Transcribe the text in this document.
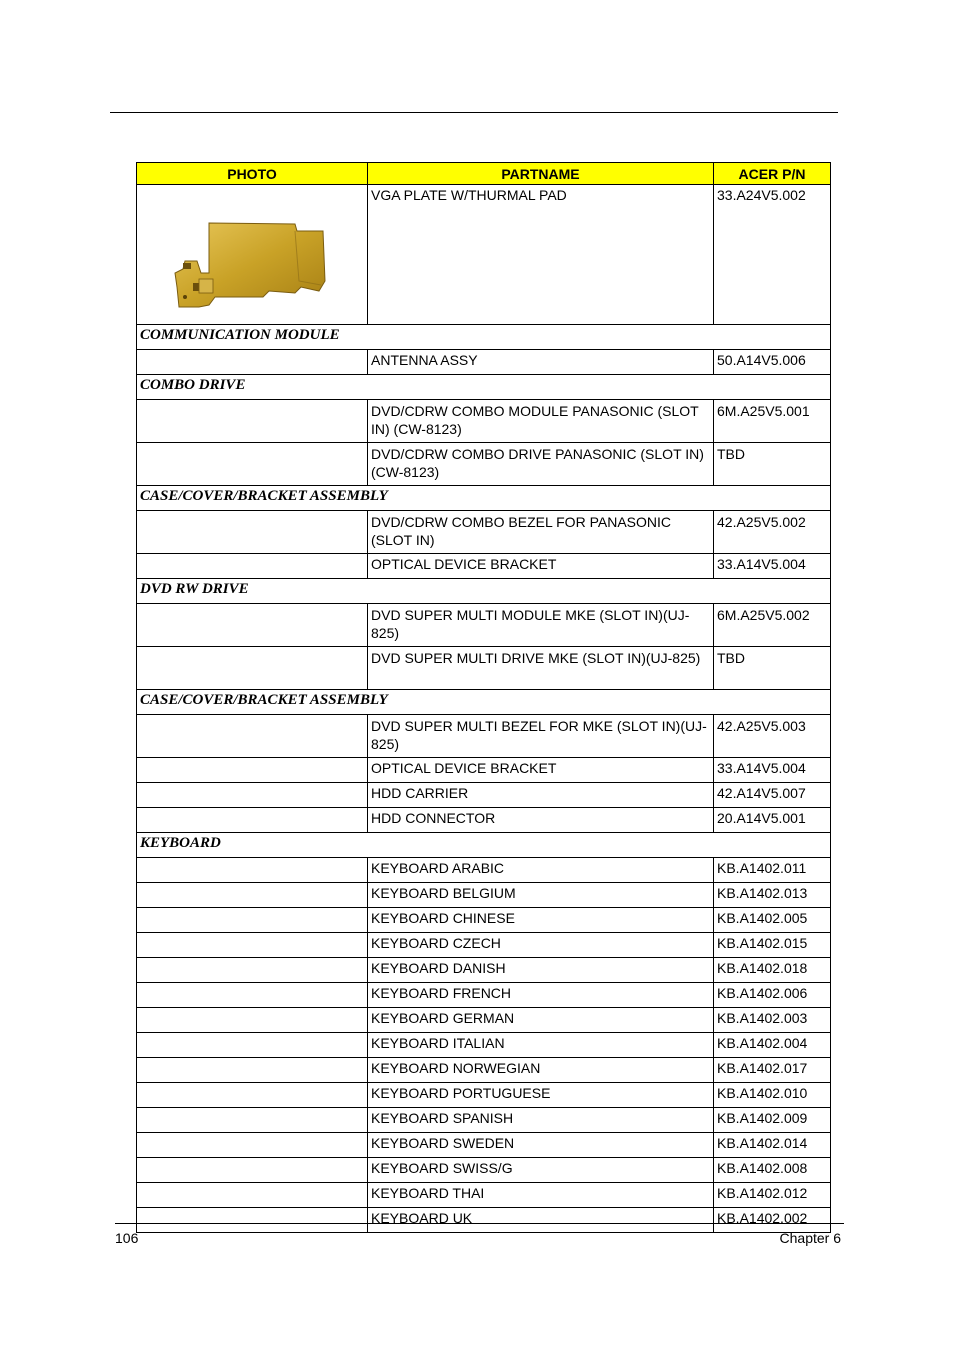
PHOTO	PARTNAME	ACER P/N

	VGA PLATE W/THURMAL PAD	33.A24V5.002
COMMUNICATION MODULE		
	ANTENNA ASSY	50.A14V5.006
COMBO DRIVE		
	DVD/CDRW COMBO MODULE PANASONIC (SLOT IN) (CW-8123)	6M.A25V5.001
	DVD/CDRW COMBO DRIVE PANASONIC (SLOT IN) (CW-8123)	TBD
CASE/COVER/BRACKET ASSEMBLY		
	DVD/CDRW COMBO BEZEL FOR PANASONIC (SLOT IN)	42.A25V5.002
	OPTICAL DEVICE BRACKET	33.A14V5.004
DVD RW DRIVE		
	DVD SUPER MULTI MODULE MKE (SLOT IN)(UJ-825)	6M.A25V5.002
	DVD SUPER MULTI DRIVE MKE (SLOT IN)(UJ-825)	TBD
CASE/COVER/BRACKET ASSEMBLY		
	DVD SUPER MULTI BEZEL FOR MKE (SLOT IN)(UJ-825)	42.A25V5.003
	OPTICAL DEVICE BRACKET	33.A14V5.004
	HDD CARRIER	42.A14V5.007
	HDD CONNECTOR	20.A14V5.001
KEYBOARD		
	KEYBOARD ARABIC	KB.A1402.011
	KEYBOARD BELGIUM	KB.A1402.013
	KEYBOARD CHINESE	KB.A1402.005
	KEYBOARD CZECH	KB.A1402.015
	KEYBOARD DANISH	KB.A1402.018
	KEYBOARD FRENCH	KB.A1402.006
	KEYBOARD GERMAN	KB.A1402.003
	KEYBOARD ITALIAN	KB.A1402.004
	KEYBOARD NORWEGIAN	KB.A1402.017
	KEYBOARD PORTUGUESE	KB.A1402.010
	KEYBOARD SPANISH	KB.A1402.009
	KEYBOARD SWEDEN	KB.A1402.014
	KEYBOARD SWISS/G	KB.A1402.008
	KEYBOARD THAI	KB.A1402.012
	KEYBOARD UK	KB.A1402.002
106	Chapter 6
